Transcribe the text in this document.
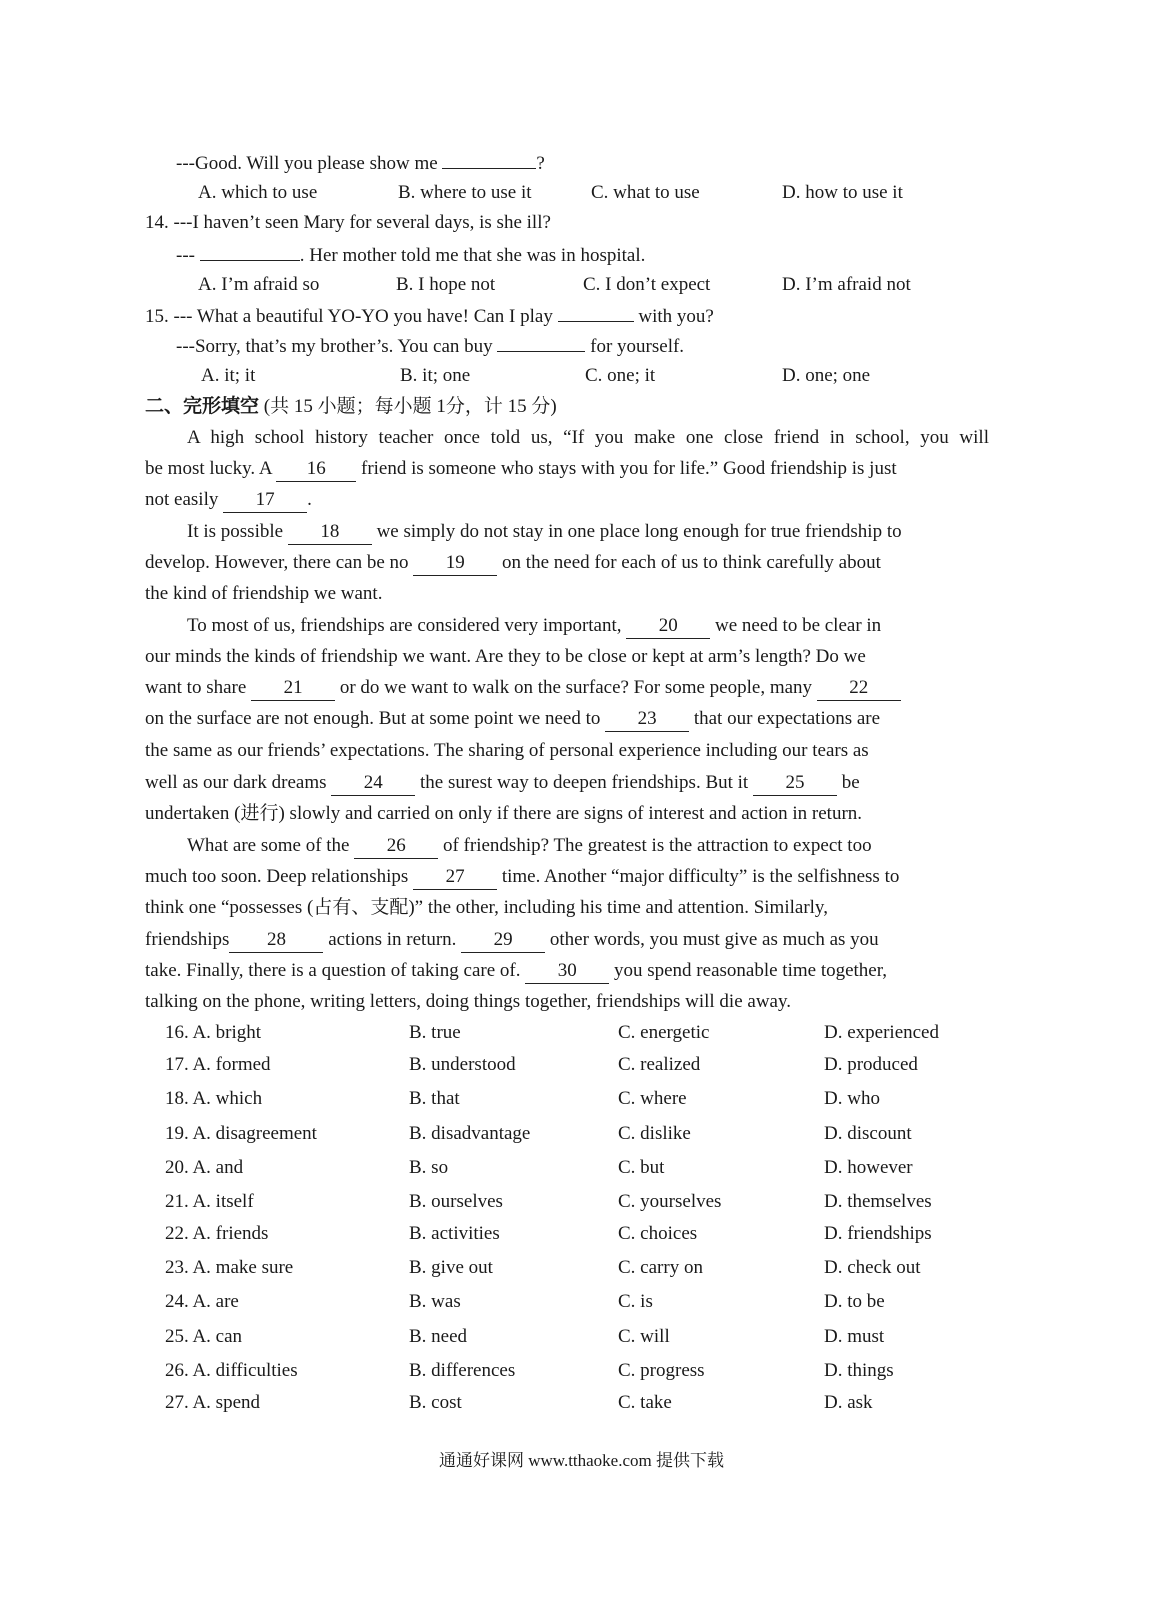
---Good. Will you please show me	?
A. which to use	B. where to use it	C. what to use	D. how to use it
14. ---I haven’t seen Mary for several days, is she ill?
---	. Her mother told me that she was in hospital.
A. I’m afraid so	B. I hope not	C. I don’t expect	D. I’m afraid not
15. --- What a beautiful YO-YO you have! Can I play	with you?
---Sorry, that’s my brother’s. You can buy	for yourself.
A. it; it	B. it; one	C. one; it	D. one; one
二、完形填空 (共 15 小题；每小题 1分，计 15 分)
A high school history teacher once told us, “If you make one close friend in school, you will
be most lucky. A 16 friend is someone who stays with you for life.” Good friendship is just
not easily 17 .
It is possible 18 we simply do not stay in one place long enough for true friendship to
develop. However, there can be no 19 on the need for each of us to think carefully about
the kind of friendship we want.
To most of us, friendships are considered very important, 20 we need to be clear in
our minds the kinds of friendship we want. Are they to be close or kept at arm’s length? Do we
want to share 21 or do we want to walk on the surface? For some people, many 22
on the surface are not enough. But at some point we need to 23 that our expectations are
the same as our friends’ expectations. The sharing of personal experience including our tears as
well as our dark dreams 24 the surest way to deepen friendships. But it 25 be
undertaken (进行) slowly and carried on only if there are signs of interest and action in return.
What are some of the 26 of friendship? The greatest is the attraction to expect too
much too soon. Deep relationships 27 time. Another “major difficulty” is the selfishness to
think one “possesses (占有、支配)” the other, including his time and attention. Similarly,
friendships 28 actions in return. 29 other words, you must give as much as you
take. Finally, there is a question of taking care of. 30 you spend reasonable time together,
talking on the phone, writing letters, doing things together, friendships will die away.
16. A. bright	B. true	C. energetic	D. experienced
17. A. formed	B. understood	C. realized	D. produced
18. A. which	B. that	C. where	D. who
19. A. disagreement	B. disadvantage	C. dislike	D. discount
20. A. and	B. so	C. but	D. however
21. A. itself	B. ourselves	C. yourselves	D. themselves
22. A. friends	B. activities	C. choices	D. friendships
23. A. make sure	B. give out	C. carry on	D. check out
24. A. are	B. was	C. is	D. to be
25. A. can	B. need	C. will	D. must
26. A. difficulties	B. differences	C. progress	D. things
27. A. spend	B. cost	C. take	D. ask
通通好课网 www.tthaoke.com 提供下载
